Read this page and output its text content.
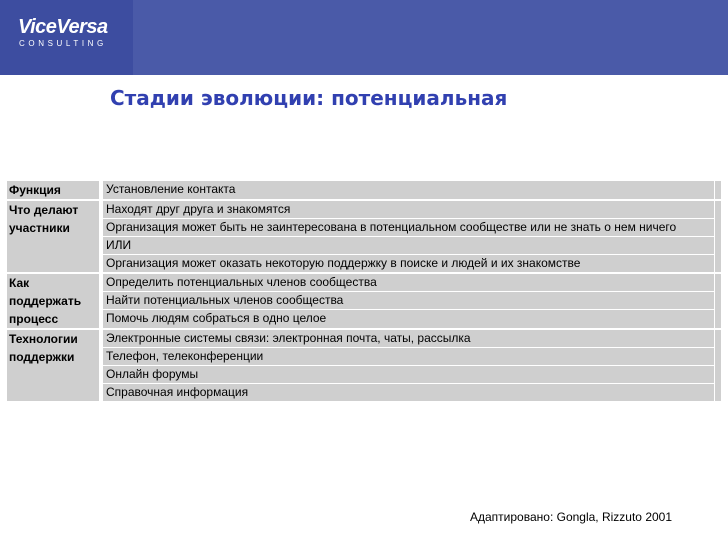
ViceVersa
CONSULTING
Стадии эволюции: потенциальная
Функция		Установление контакта	

Что делают участники		Находят друг друга и знакомятся
Организация может быть не заинтересована в потенциальном сообществе или не знать о нем ничего
ИЛИ
Организация может оказать некоторую поддержку в поиске и людей и их знакомстве	

Как поддержать процесс		Определить потенциальных членов сообщества
Найти потенциальных членов сообщества
Помочь людям собраться в одно целое	

Технологии поддержки		Электронные системы связи: электронная почта, чаты, рассылка
Телефон, телеконференции
Онлайн форумы
Справочная информация	

Адаптировано: Gongla, Rizzuto 2001
